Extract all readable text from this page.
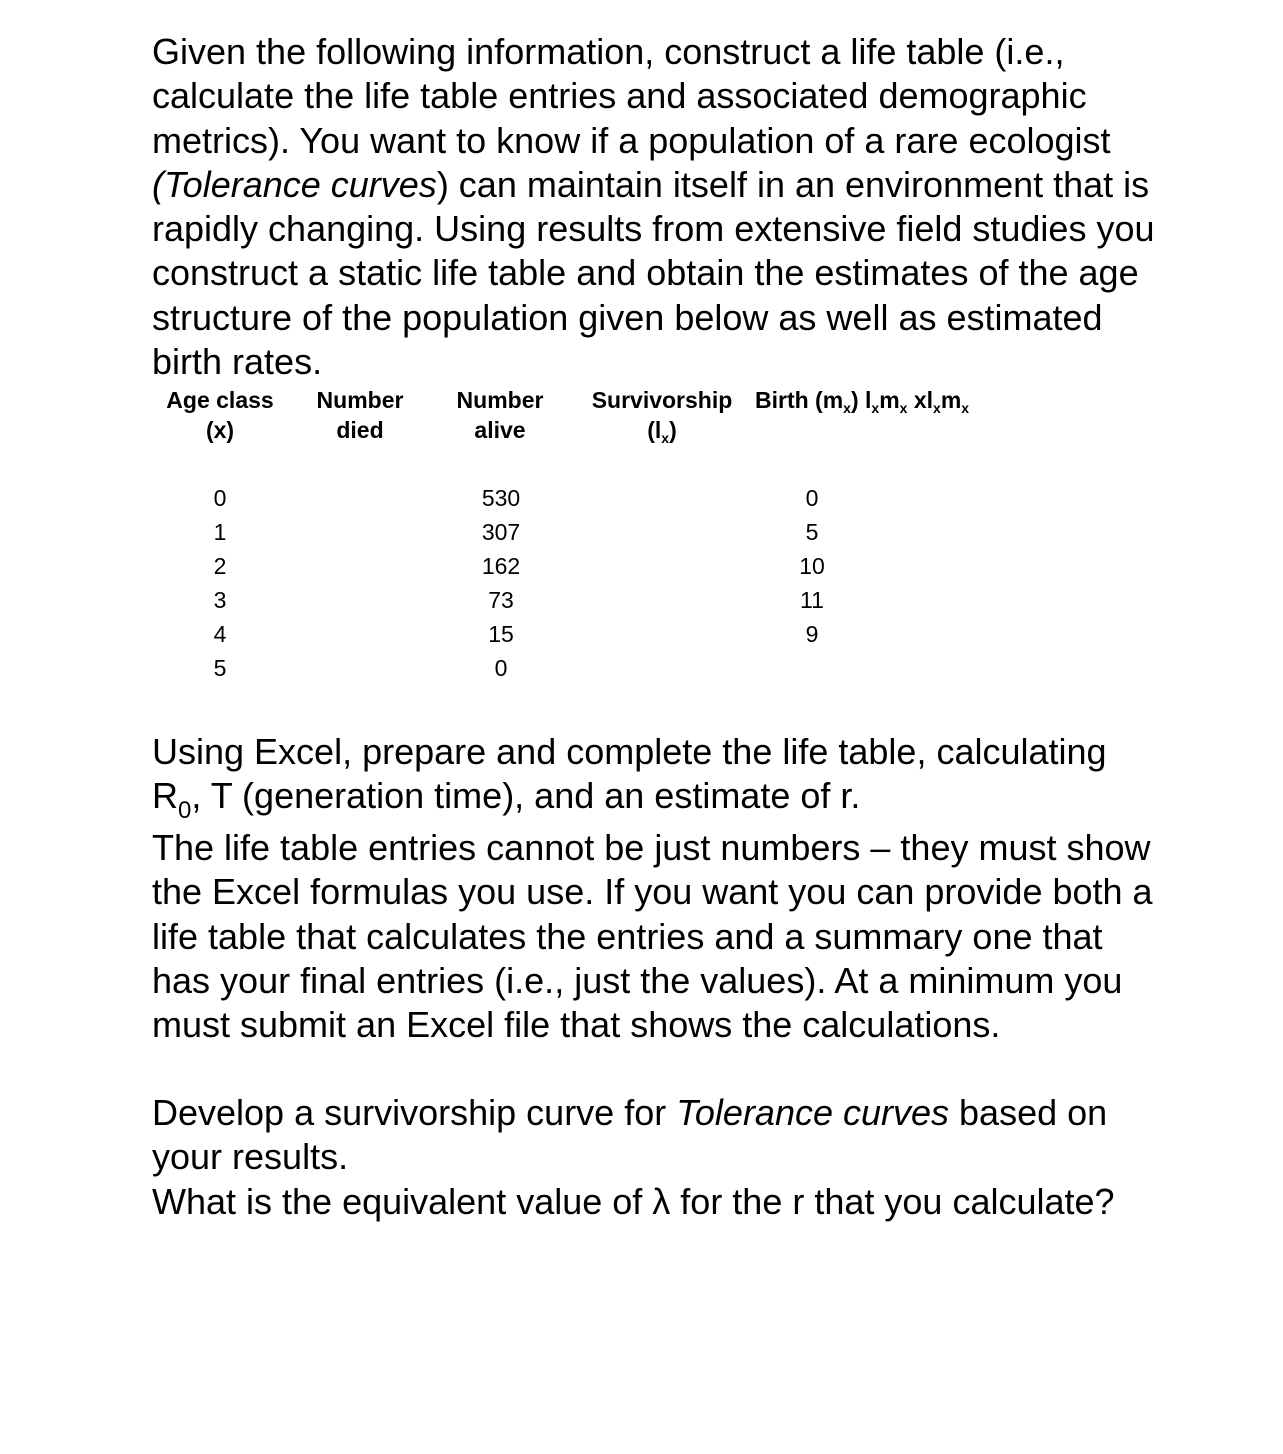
Given the following information, construct a life table (i.e., calculate the life table entries and associated demographic metrics). You want to know if a population of a rare ecologist (Tolerance curves) can maintain itself in an environment that is rapidly changing. Using results from extensive field studies you construct a static life table and obtain the estimates of the age structure of the population given below as well as estimated birth rates.

Age class
(x)
Number
died
Number
alive
Survivorship
$(l_x)$
Birth $(m_x)$ $l_xm_x$ $xl_xm_x$
0
1
2
3
4
5
530
307
162
73
15
0
0
5
10
11
9

Using Excel, prepare and complete the life table, calculating $R_0$, T (generation time), and an estimate of r.

The life table entries cannot be just numbers – they must show the Excel formulas you use. If you want you can provide both a life table that calculates the entries and a summary one that has your final entries (i.e., just the values). At a minimum you must submit an Excel file that shows the calculations.

Develop a survivorship curve for Tolerance curves based on your results.

What is the equivalent value of λ for the r that you calculate?
